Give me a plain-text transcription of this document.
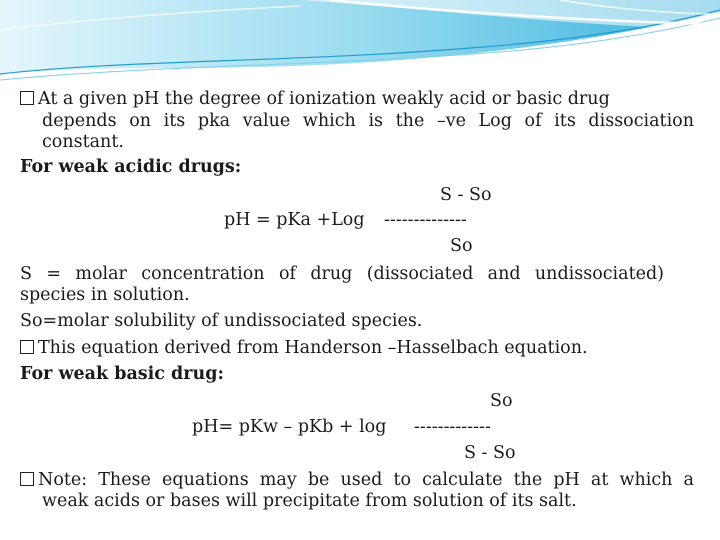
At a given pH the degree of ionization weakly acid or basic drug

depends on its pka value which is the –ve Log of its dissociation

constant.

For weak acidic drugs:

S - So

pH = pKa +Log --------------

So

S = molar concentration of drug (dissociated and undissociated)

species in solution.

So=molar solubility of undissociated species.

This equation derived from Handerson –Hasselbach equation.

For weak basic drug:

So

pH= pKw – pKb + log -------------

S - So

Note: These equations may be used to calculate the pH at which a

weak acids or bases will precipitate from solution of its salt.
